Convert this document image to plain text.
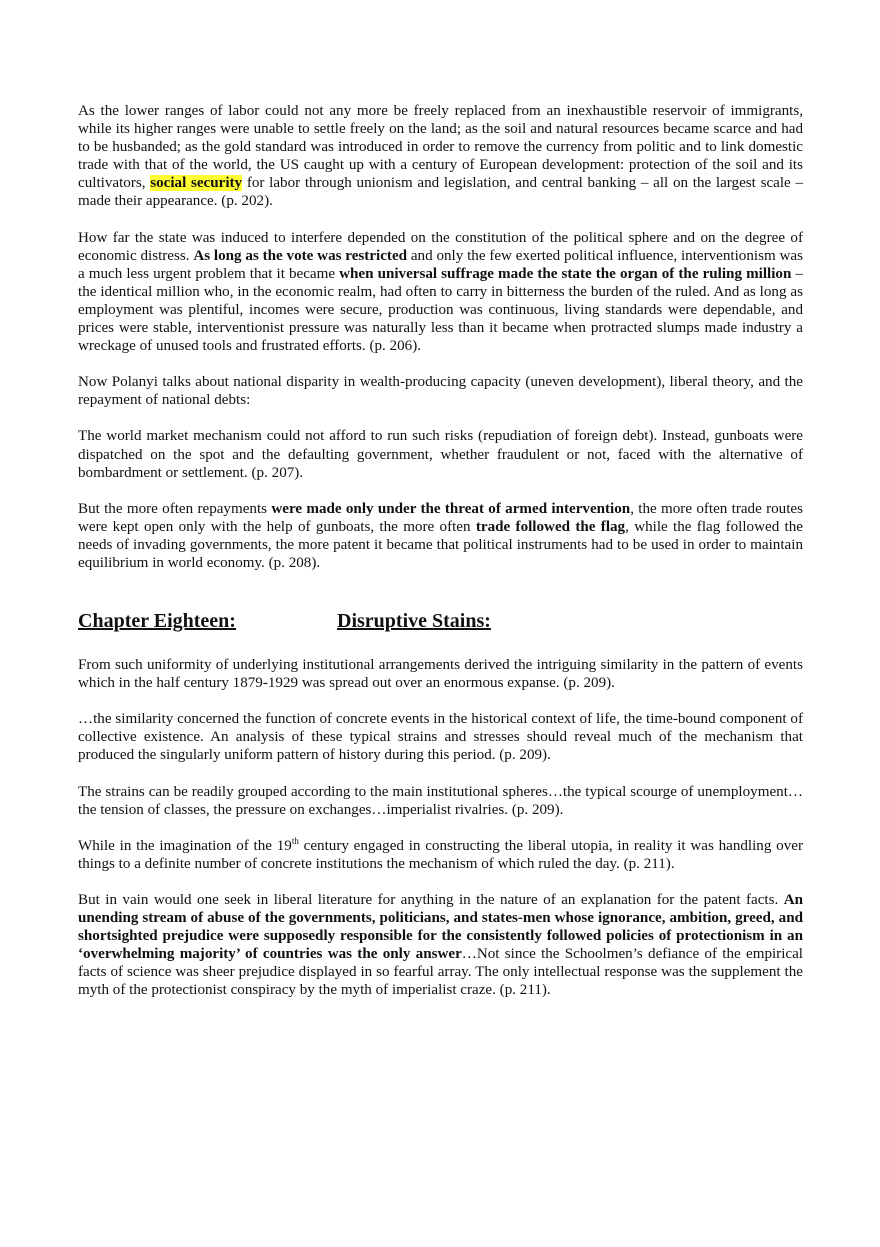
As the lower ranges of labor could not any more be freely replaced from an inexhaustible reservoir of immigrants, while its higher ranges were unable to settle freely on the land; as the soil and natural resources became scarce and had to be husbanded; as the gold standard was introduced in order to remove the currency from politic and to link domestic trade with that of the world, the US caught up with a century of European development: protection of the soil and its cultivators, social security for labor through unionism and legislation, and central banking – all on the largest scale – made their appearance. (p. 202).

How far the state was induced to interfere depended on the constitution of the political sphere and on the degree of economic distress. As long as the vote was restricted and only the few exerted political influence, interventionism was a much less urgent problem that it became when universal suffrage made the state the organ of the ruling million – the identical million who, in the economic realm, had often to carry in bitterness the burden of the ruled. And as long as employment was plentiful, incomes were secure, production was continuous, living standards were dependable, and prices were stable, interventionist pressure was naturally less than it became when protracted slumps made industry a wreckage of unused tools and frustrated efforts. (p. 206).

Now Polanyi talks about national disparity in wealth-producing capacity (uneven development), liberal theory, and the repayment of national debts:

The world market mechanism could not afford to run such risks (repudiation of foreign debt). Instead, gunboats were dispatched on the spot and the defaulting government, whether fraudulent or not, faced with the alternative of bombardment or settlement. (p. 207).

But the more often repayments were made only under the threat of armed intervention, the more often trade routes were kept open only with the help of gunboats, the more often trade followed the flag, while the flag followed the needs of invading governments, the more patent it became that political instruments had to be used in order to maintain equilibrium in world economy. (p. 208).

Chapter Eighteen:	Disruptive Stains:

From such uniformity of underlying institutional arrangements derived the intriguing similarity in the pattern of events which in the half century 1879-1929 was spread out over an enormous expanse. (p. 209).

…the similarity concerned the function of concrete events in the historical context of life, the time-bound component of collective existence. An analysis of these typical strains and stresses should reveal much of the mechanism that produced the singularly uniform pattern of history during this period. (p. 209).

The strains can be readily grouped according to the main institutional spheres…the typical scourge of unemployment…the tension of classes, the pressure on exchanges…imperialist rivalries. (p. 209).

While in the imagination of the 19th century engaged in constructing the liberal utopia, in reality it was handling over things to a definite number of concrete institutions the mechanism of which ruled the day. (p. 211).

But in vain would one seek in liberal literature for anything in the nature of an explanation for the patent facts. An unending stream of abuse of the governments, politicians, and states-men whose ignorance, ambition, greed, and shortsighted prejudice were supposedly responsible for the consistently followed policies of protectionism in an ‘overwhelming majority’ of countries was the only answer…Not since the Schoolmen’s defiance of the empirical facts of science was sheer prejudice displayed in so fearful array. The only intellectual response was the supplement the myth of the protectionist conspiracy by the myth of imperialist craze. (p. 211).
